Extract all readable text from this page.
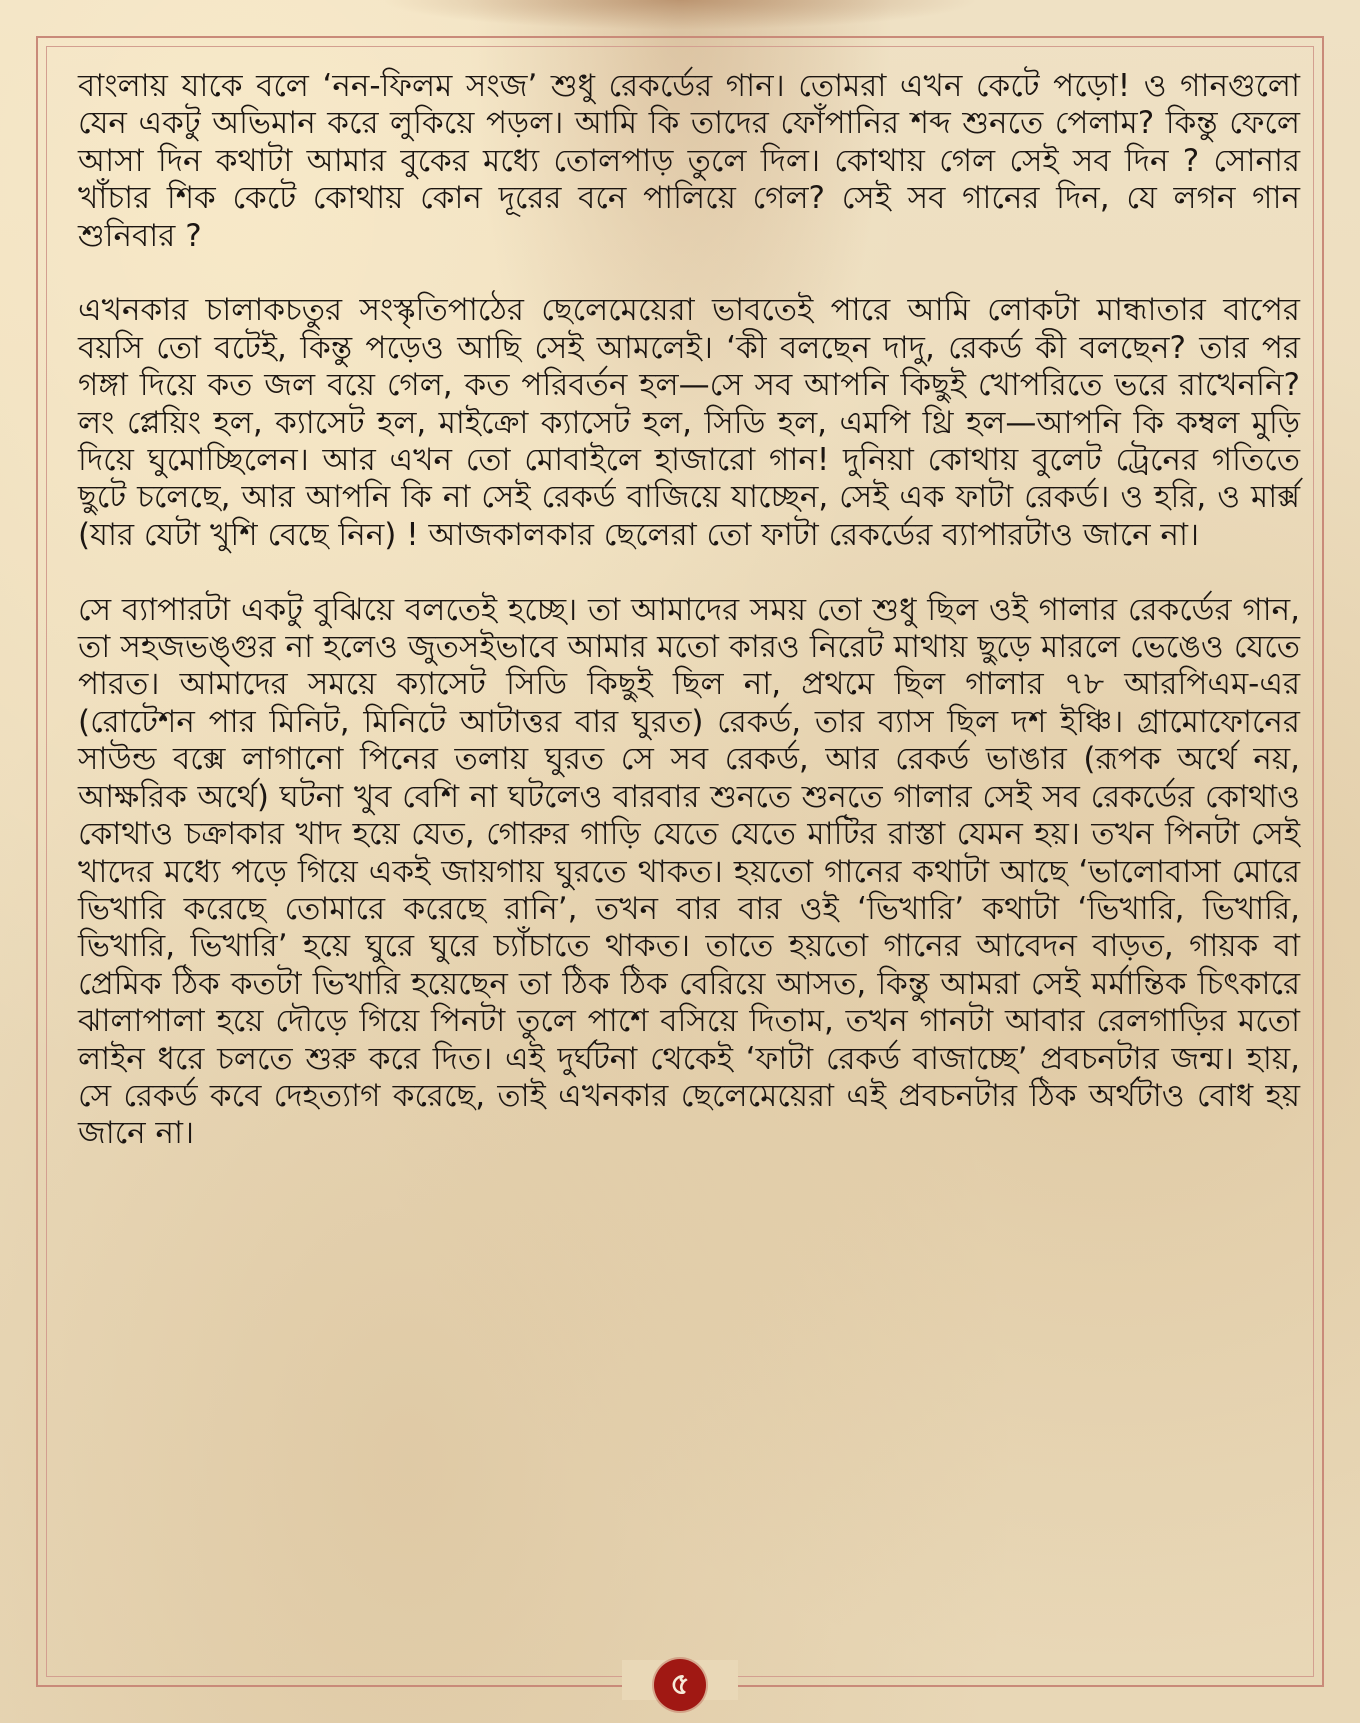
বাংলায় যাকে বলে ‘নন-ফিলম সংজ’ শুধু রেকর্ডের গান। তোমরা এখন কেটে পড়ো! ও গানগুলো যেন একটু অভিমান করে লুকিয়ে পড়ল। আমি কি তাদের ফোঁপানির শব্দ শুনতে পেলাম? কিন্তু ফেলে আসা দিন কথাটা আমার বুকের মধ্যে তোলপাড় তুলে দিল। কোথায় গেল সেই সব দিন ? সোনার খাঁচার শিক কেটে কোথায় কোন দূরের বনে পালিয়ে গেল? সেই সব গানের দিন, যে লগন গান শুনিবার ?

এখনকার চালাকচতুর সংস্কৃতিপাঠের ছেলেমেয়েরা ভাবতেই পারে আমি লোকটা মান্ধাতার বাপের বয়সি তো বটেই, কিন্তু পড়েও আছি সেই আমলেই। ‘কী বলছেন দাদু, রেকর্ড কী বলছেন? তার পর গঙ্গা দিয়ে কত জল বয়ে গেল, কত পরিবর্তন হল—সে সব আপনি কিছুই খোপরিতে ভরে রাখেননি? লং প্লেয়িং হল, ক্যাসেট হল, মাইক্রো ক্যাসেট হল, সিডি হল, এমপি থ্রি হল—আপনি কি কম্বল মুড়ি দিয়ে ঘুমোচ্ছিলেন। আর এখন তো মোবাইলে হাজারো গান! দুনিয়া কোথায় বুলেট ট্রেনের গতিতে ছুটে চলেছে, আর আপনি কি না সেই রেকর্ড বাজিয়ে যাচ্ছেন, সেই এক ফাটা রেকর্ড। ও হরি, ও মার্ক্স (যার যেটা খুশি বেছে নিন) ! আজকালকার ছেলেরা তো ফাটা রেকর্ডের ব্যাপারটাও জানে না।

সে ব্যাপারটা একটু বুঝিয়ে বলতেই হচ্ছে। তা আমাদের সময় তো শুধু ছিল ওই গালার রেকর্ডের গান, তা সহজভঙ্গুর না হলেও জুতসইভাবে আমার মতো কারও নিরেট মাথায় ছুড়ে মারলে ভেঙেও যেতে পারত। আমাদের সময়ে ক্যাসেট সিডি কিছুই ছিল না, প্রথমে ছিল গালার ৭৮ আরপিএম-এর (রোটেশন পার মিনিট, মিনিটে আটাত্তর বার ঘুরত) রেকর্ড, তার ব্যাস ছিল দশ ইঞ্চি। গ্রামোফোনের সাউন্ড বক্সে লাগানো পিনের তলায় ঘুরত সে সব রেকর্ড, আর রেকর্ড ভাঙার (রূপক অর্থে নয়, আক্ষরিক অর্থে) ঘটনা খুব বেশি না ঘটলেও বারবার শুনতে শুনতে গালার সেই সব রেকর্ডের কোথাও কোথাও চক্রাকার খাদ হয়ে যেত, গোরুর গাড়ি যেতে যেতে মাটির রাস্তা যেমন হয়। তখন পিনটা সেই খাদের মধ্যে পড়ে গিয়ে একই জায়গায় ঘুরতে থাকত। হয়তো গানের কথাটা আছে ‘ভালোবাসা মোরে ভিখারি করেছে তোমারে করেছে রানি’, তখন বার বার ওই ‘ভিখারি’ কথাটা ‘ভিখারি, ভিখারি, ভিখারি, ভিখারি’ হয়ে ঘুরে ঘুরে চ্যাঁচাতে থাকত। তাতে হয়তো গানের আবেদন বাড়ত, গায়ক বা প্রেমিক ঠিক কতটা ভিখারি হয়েছেন তা ঠিক ঠিক বেরিয়ে আসত, কিন্তু আমরা সেই মর্মান্তিক চিৎকারে ঝালাপালা হয়ে দৌড়ে গিয়ে পিনটা তুলে পাশে বসিয়ে দিতাম, তখন গানটা আবার রেলগাড়ির মতো লাইন ধরে চলতে শুরু করে দিত। এই দুর্ঘটনা থেকেই ‘ফাটা রেকর্ড বাজাচ্ছে’ প্রবচনটার জন্ম। হায়, সে রেকর্ড কবে দেহত্যাগ করেছে, তাই এখনকার ছেলেমেয়েরা এই প্রবচনটার ঠিক অর্থটাও বোধ হয় জানে না।

৫
